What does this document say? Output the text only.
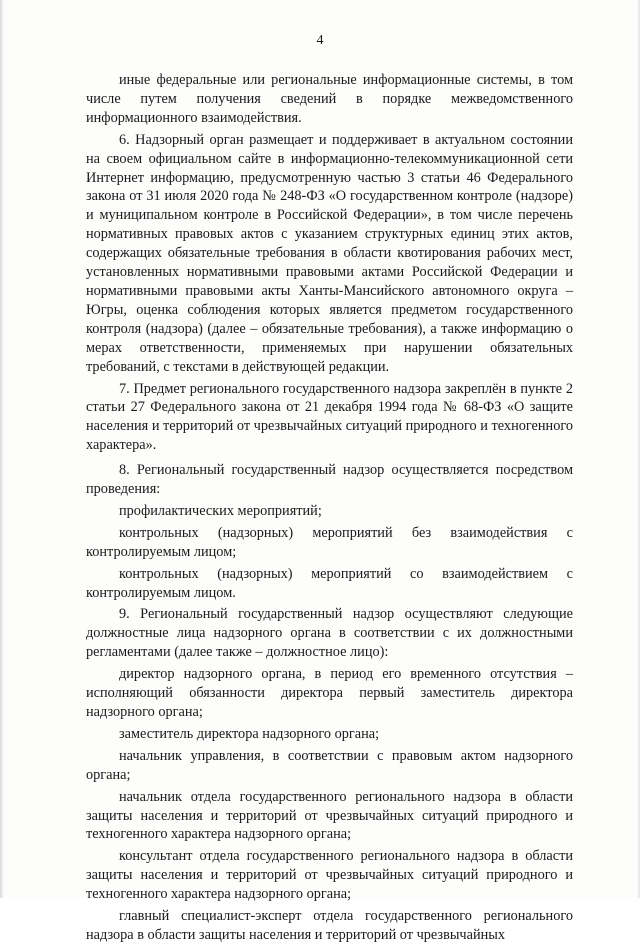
4

иные федеральные или региональные информационные системы, в том числе путем получения сведений в порядке межведомственного информационного взаимодействия.

6. Надзорный орган размещает и поддерживает в актуальном состоянии на своем официальном сайте в информационно-телекоммуникационной сети Интернет информацию, предусмотренную частью 3 статьи 46 Федерального закона от 31 июля 2020 года № 248-ФЗ «О государственном контроле (надзоре) и муниципальном контроле в Российской Федерации», в том числе перечень нормативных правовых актов с указанием структурных единиц этих актов, содержащих обязательные требования в области квотирования рабочих мест, установленных нормативными правовыми актами Российской Федерации и нормативными правовыми акты Ханты-Мансийского автономного округа – Югры, оценка соблюдения которых является предметом государственного контроля (надзора) (далее – обязательные требования), а также информацию о мерах ответственности, применяемых при нарушении обязательных требований, с текстами в действующей редакции.

7. Предмет регионального государственного надзора закреплён в пункте 2 статьи 27 Федерального закона от 21 декабря 1994 года № 68-ФЗ «О защите населения и территорий от чрезвычайных ситуаций природного и техногенного характера».

8. Региональный государственный надзор осуществляется посредством проведения:

профилактических мероприятий;

контрольных (надзорных) мероприятий без взаимодействия с контролируемым лицом;

контрольных (надзорных) мероприятий со взаимодействием с контролируемым лицом.

9. Региональный государственный надзор осуществляют следующие должностные лица надзорного органа в соответствии с их должностными регламентами (далее также – должностное лицо):

директор надзорного органа, в период его временного отсутствия – исполняющий обязанности директора первый заместитель директора надзорного органа;

заместитель директора надзорного органа;

начальник управления, в соответствии с правовым актом надзорного органа;

начальник отдела государственного регионального надзора в области защиты населения и территорий от чрезвычайных ситуаций природного и техногенного характера надзорного органа;

консультант отдела государственного регионального надзора в области защиты населения и территорий от чрезвычайных ситуаций природного и техногенного характера надзорного органа;

главный специалист-эксперт отдела государственного регионального надзора в области защиты населения и территорий от чрезвычайных
